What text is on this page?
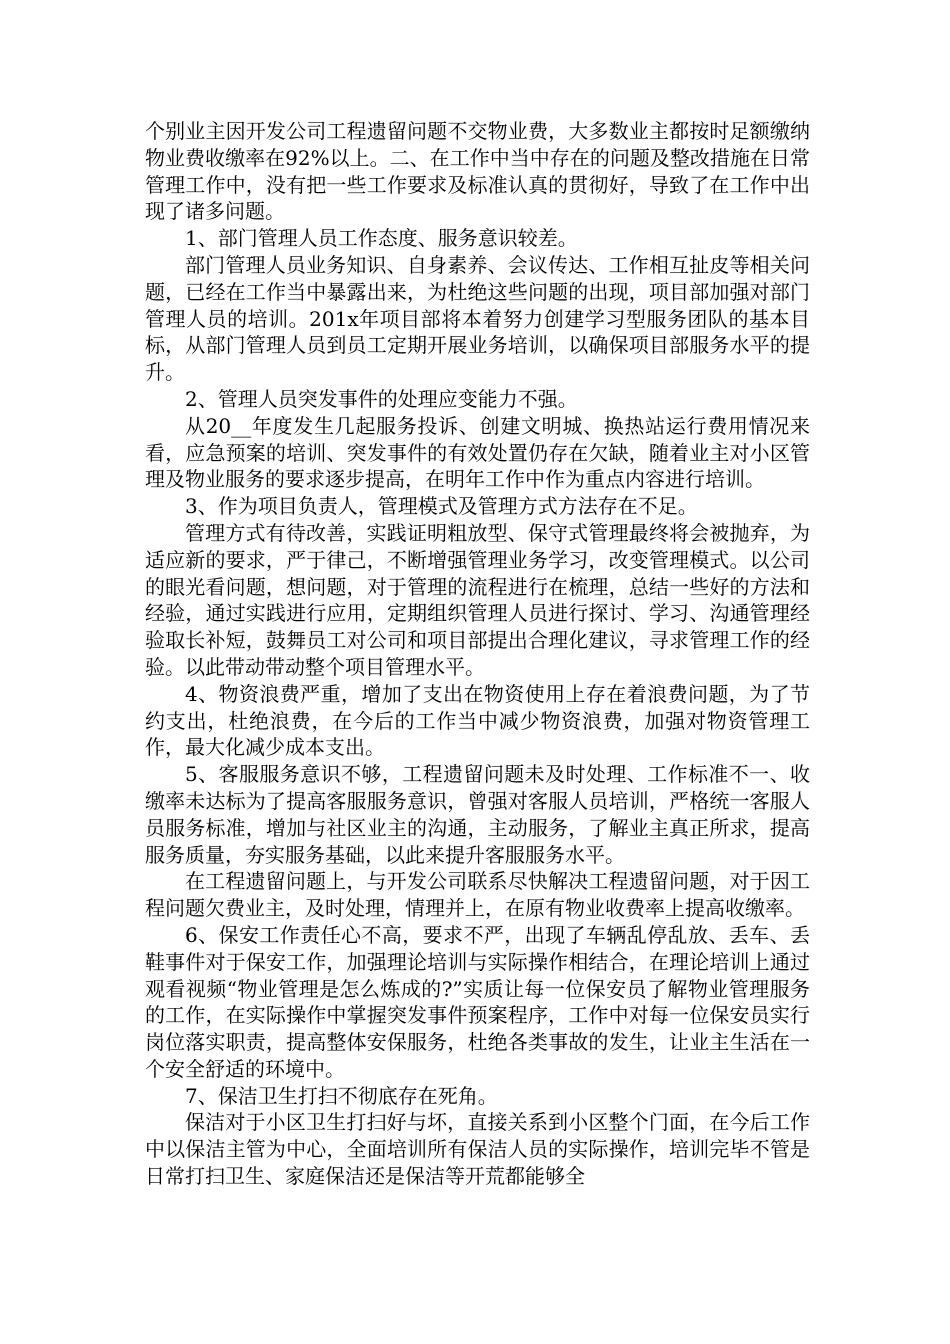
个别业主因开发公司工程遗留问题不交物业费，大多数业主都按时足额缴纳物业费收缴率在92%以上。二、在工作中当中存在的问题及整改措施在日常管理工作中，没有把一些工作要求及标准认真的贯彻好，导致了在工作中出现了诸多问题。

1、部门管理人员工作态度、服务意识较差。

部门管理人员业务知识、自身素养、会议传达、工作相互扯皮等相关问题，已经在工作当中暴露出来，为杜绝这些问题的出现，项目部加强对部门管理人员的培训。201x年项目部将本着努力创建学习型服务团队的基本目标，从部门管理人员到员工定期开展业务培训，以确保项目部服务水平的提升。

2、管理人员突发事件的处理应变能力不强。

从20__年度发生几起服务投诉、创建文明城、换热站运行费用情况来看，应急预案的培训、突发事件的有效处置仍存在欠缺，随着业主对小区管理及物业服务的要求逐步提高，在明年工作中作为重点内容进行培训。

3、作为项目负责人，管理模式及管理方式方法存在不足。

管理方式有待改善，实践证明粗放型、保守式管理最终将会被抛弃，为适应新的要求，严于律己，不断增强管理业务学习，改变管理模式。以公司的眼光看问题，想问题，对于管理的流程进行在梳理，总结一些好的方法和经验，通过实践进行应用，定期组织管理人员进行探讨、学习、沟通管理经验取长补短，鼓舞员工对公司和项目部提出合理化建议，寻求管理工作的经验。以此带动带动整个项目管理水平。

4、物资浪费严重，增加了支出在物资使用上存在着浪费问题，为了节约支出，杜绝浪费，在今后的工作当中减少物资浪费，加强对物资管理工作，最大化减少成本支出。

5、客服服务意识不够，工程遗留问题未及时处理、工作标准不一、收缴率未达标为了提高客服服务意识，曾强对客服人员培训，严格统一客服人员服务标准，增加与社区业主的沟通，主动服务，了解业主真正所求，提高服务质量，夯实服务基础，以此来提升客服服务水平。

在工程遗留问题上，与开发公司联系尽快解决工程遗留问题，对于因工程问题欠费业主，及时处理，情理并上，在原有物业收费率上提高收缴率。

6、保安工作责任心不高，要求不严，出现了车辆乱停乱放、丢车、丢鞋事件对于保安工作，加强理论培训与实际操作相结合，在理论培训上通过观看视频“物业管理是怎么炼成的?”实质让每一位保安员了解物业管理服务的工作，在实际操作中掌握突发事件预案程序，工作中对每一位保安员实行岗位落实职责，提高整体安保服务，杜绝各类事故的发生，让业主生活在一个安全舒适的环境中。

7、保洁卫生打扫不彻底存在死角。

保洁对于小区卫生打扫好与坏，直接关系到小区整个门面，在今后工作中以保洁主管为中心，全面培训所有保洁人员的实际操作，培训完毕不管是日常打扫卫生、家庭保洁还是保洁等开荒都能够全
